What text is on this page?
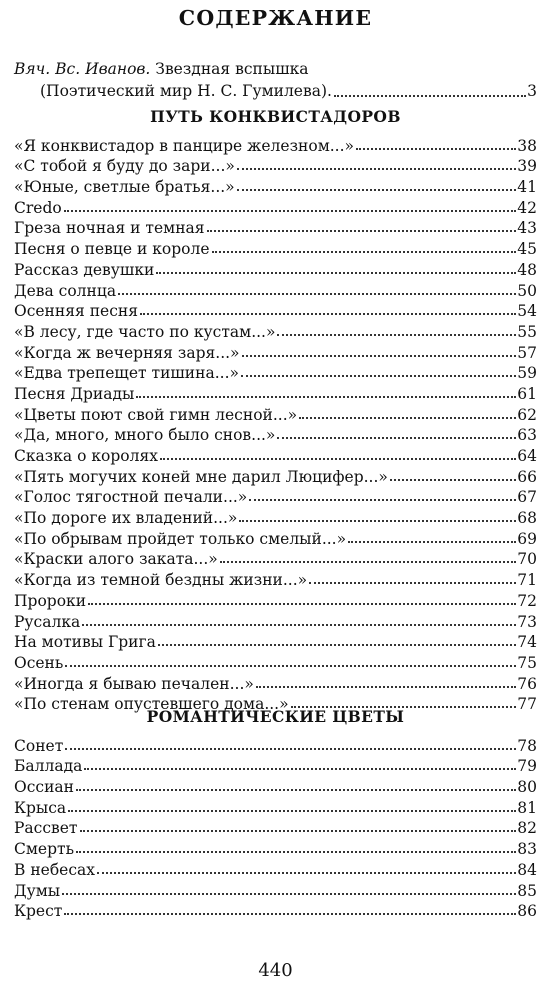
СОДЕРЖАНИЕ
Вяч. Вс. Иванов. Звездная вспышка
(Поэтический мир Н. С. Гумилева).	3
ПУТЬ КОНКВИСТАДОРОВ
«Я конквистадор в панцире железном...»	38
«С тобой я буду до зари...»	39
«Юные, светлые братья...»	41
Credo	42
Греза ночная и темная	43
Песня о певце и короле	45
Рассказ девушки	48
Дева солнца	50
Осенняя песня	54
«В лесу, где часто по кустам...»	55
«Когда ж вечерняя заря...»	57
«Едва трепещет тишина...»	59
Песня Дриады	61
«Цветы поют свой гимн лесной...»	62
«Да, много, много было снов...»	63
Сказка о королях	64
«Пять могучих коней мне дарил Люцифер...»	66
«Голос тягостной печали...»	67
«По дороге их владений...»	68
«По обрывам пройдет только смелый...»	69
«Краски алого заката...»	70
«Когда из темной бездны жизни...»	71
Пророки	72
Русалка	73
На мотивы Грига	74
Осень	75
«Иногда я бываю печален...»	76
«По стенам опустевшего дома...»	77
РОМАНТИЧЕСКИЕ ЦВЕТЫ
Сонет	78
Баллада	79
Оссиан	80
Крыса	81
Рассвет	82
Смерть	83
В небесах	84
Думы	85
Крест	86
440
